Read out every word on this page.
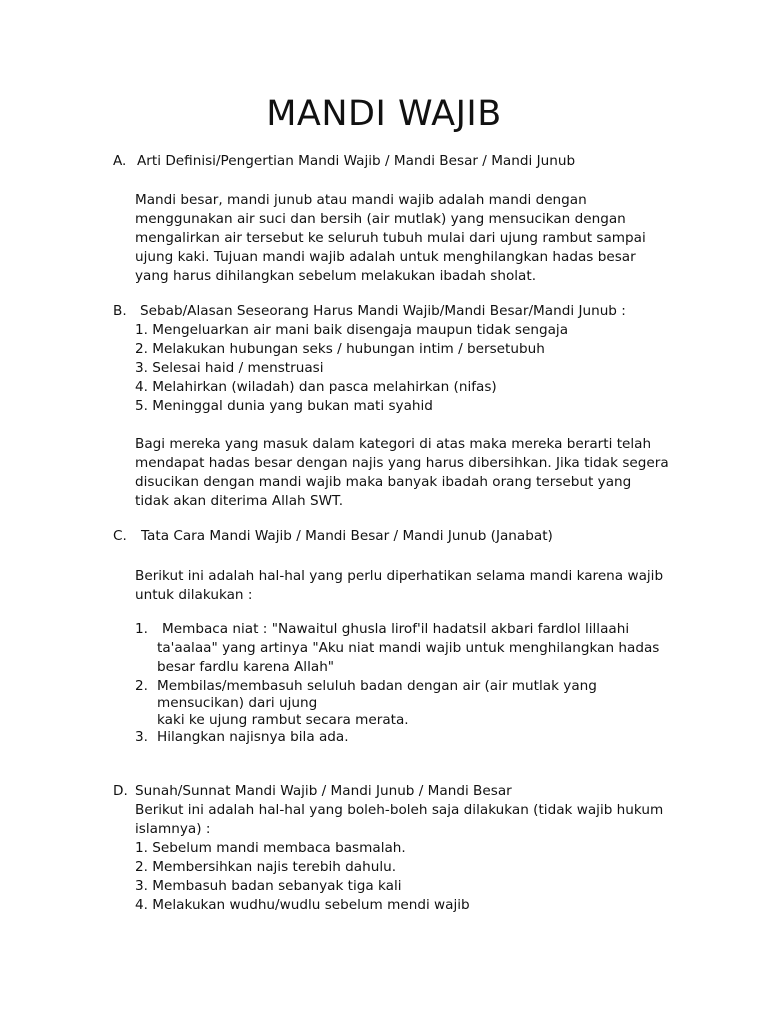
MANDI WAJIB
A. Arti Definisi/Pengertian Mandi Wajib / Mandi Besar / Mandi Junub
Mandi besar, mandi junub atau mandi wajib adalah mandi dengan
menggunakan air suci dan bersih (air mutlak) yang mensucikan dengan
mengalirkan air tersebut ke seluruh tubuh mulai dari ujung rambut sampai
ujung kaki. Tujuan mandi wajib adalah untuk menghilangkan hadas besar
yang harus dihilangkan sebelum melakukan ibadah sholat.
B. Sebab/Alasan Seseorang Harus Mandi Wajib/Mandi Besar/Mandi Junub :
1. Mengeluarkan air mani baik disengaja maupun tidak sengaja
2. Melakukan hubungan seks / hubungan intim / bersetubuh
3. Selesai haid / menstruasi
4. Melahirkan (wiladah) dan pasca melahirkan (nifas)
5. Meninggal dunia yang bukan mati syahid
Bagi mereka yang masuk dalam kategori di atas maka mereka berarti telah
mendapat hadas besar dengan najis yang harus dibersihkan. Jika tidak segera
disucikan dengan mandi wajib maka banyak ibadah orang tersebut yang
tidak akan diterima Allah SWT.
C. Tata Cara Mandi Wajib / Mandi Besar / Mandi Junub (Janabat)
Berikut ini adalah hal-hal yang perlu diperhatikan selama mandi karena wajib
untuk dilakukan :
1. Membaca niat : "Nawaitul ghusla lirof'il hadatsil akbari fardlol lillaahi
ta'aalaa" yang artinya "Aku niat mandi wajib untuk menghilangkan hadas
besar fardlu karena Allah"
2. Membilas/membasuh seluluh badan dengan air (air mutlak yang
mensucikan) dari ujung
kaki ke ujung rambut secara merata.
3. Hilangkan najisnya bila ada.
D. Sunah/Sunnat Mandi Wajib / Mandi Junub / Mandi Besar
Berikut ini adalah hal-hal yang boleh-boleh saja dilakukan (tidak wajib hukum
islamnya) :
1. Sebelum mandi membaca basmalah.
2. Membersihkan najis terebih dahulu.
3. Membasuh badan sebanyak tiga kali
4. Melakukan wudhu/wudlu sebelum mendi wajib
